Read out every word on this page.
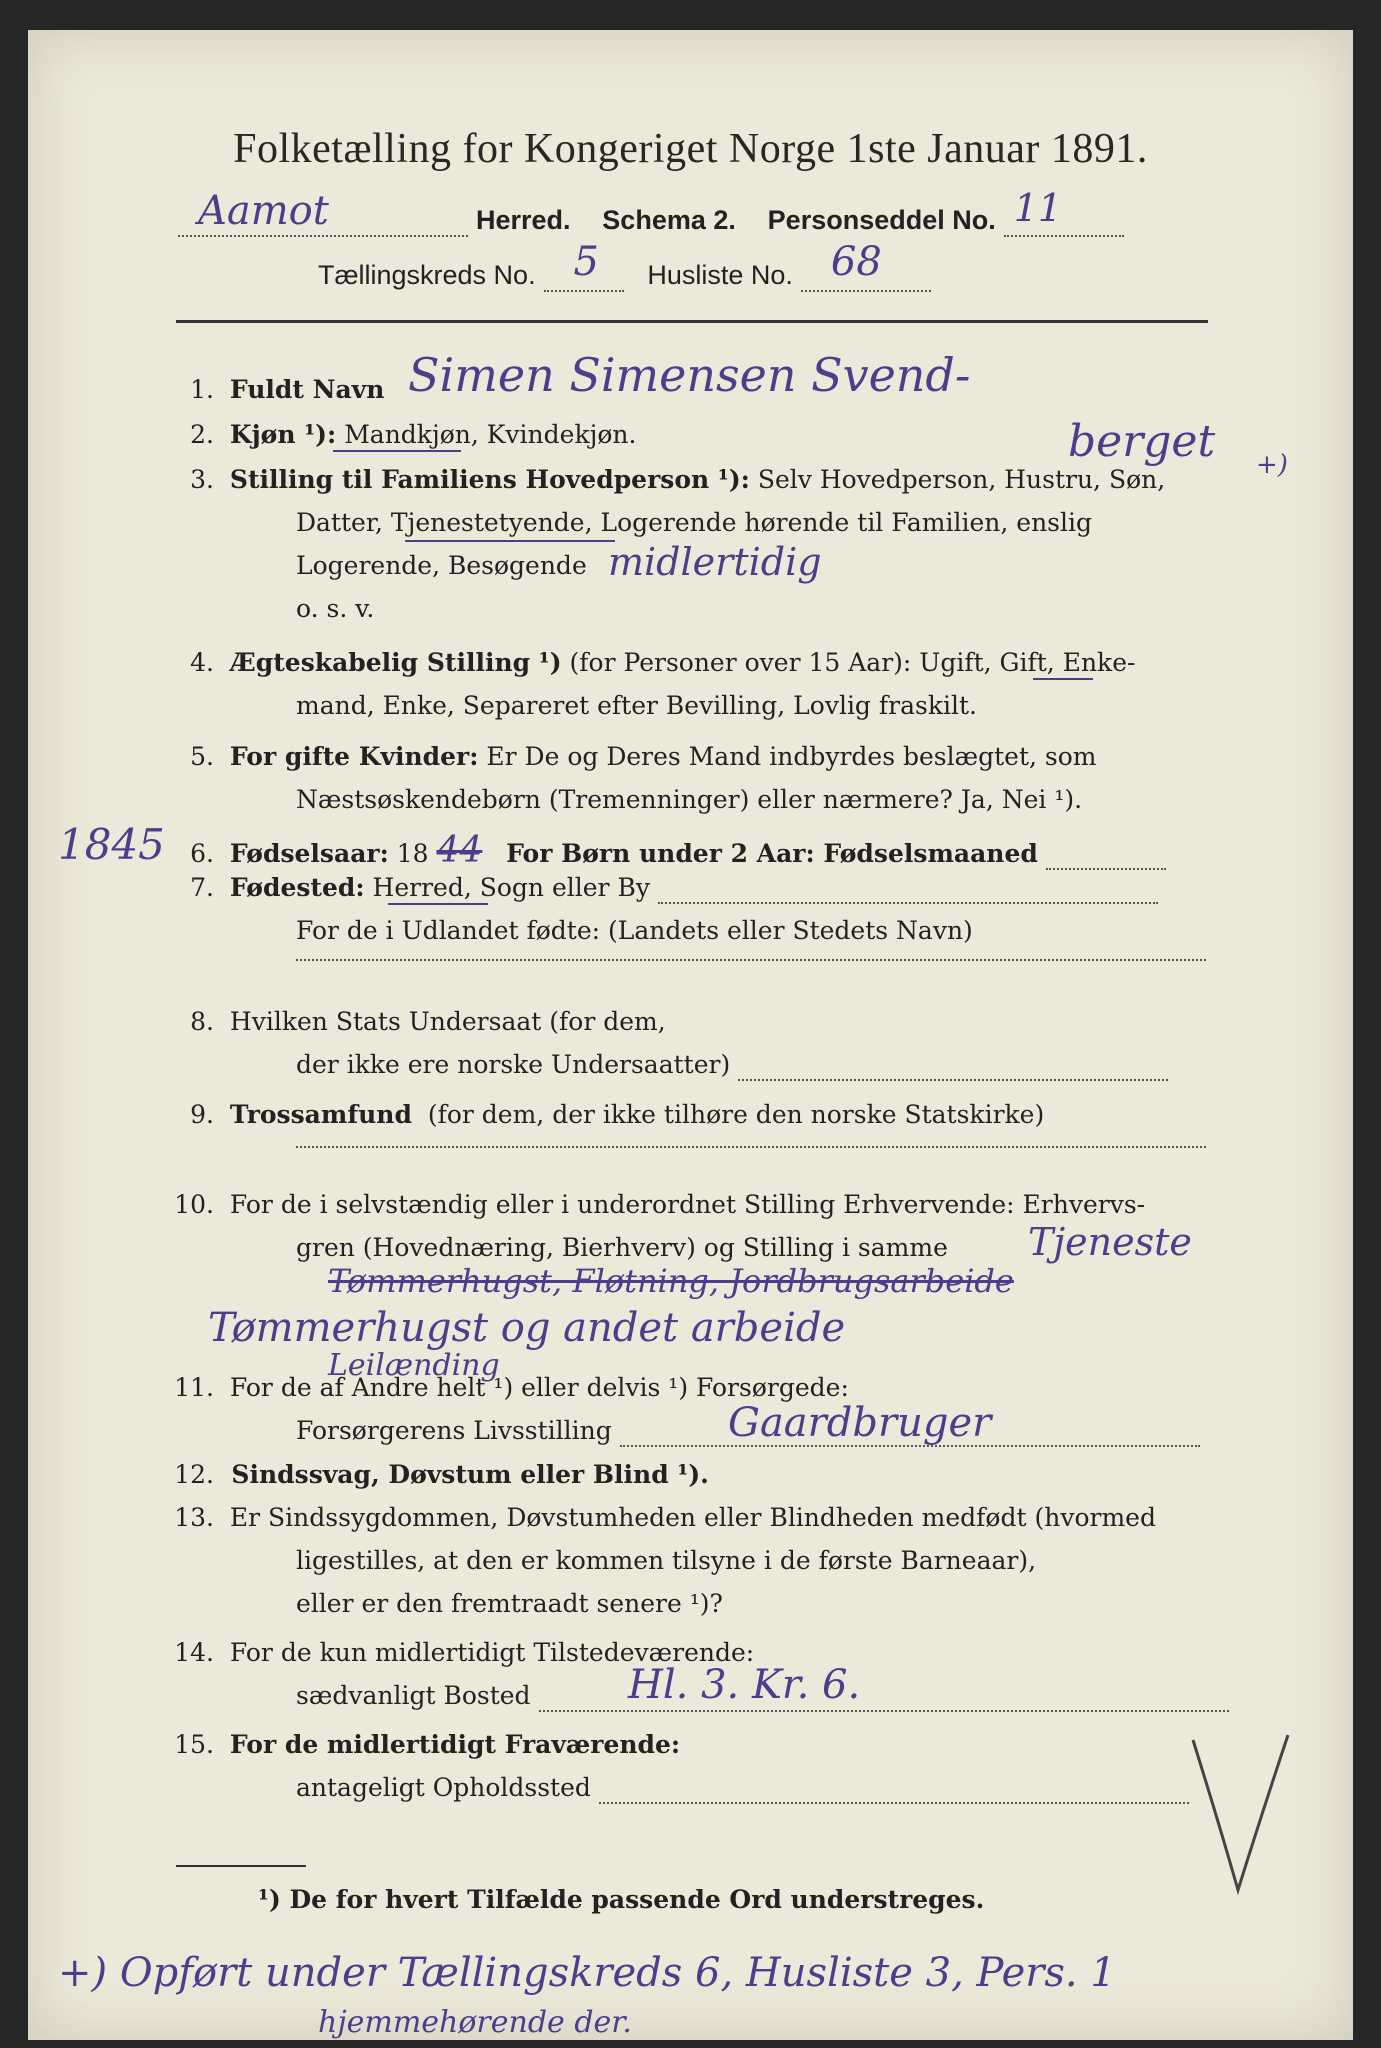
Folketælling for Kongeriget Norge 1ste Januar 1891.
Aamot	Herred. Schema 2. Personseddel No. 11

Tællingskreds No. 5 Husliste No. 68

1. Fuldt Navn Simen Simensen Svend-
berget +)
2. Kjøn ¹): Mandkjøn, Kvindekjøn.
3. Stilling til Familiens Hovedperson ¹): Selv Hovedperson, Hustru, Søn,
Datter, Tjenestetyende, Logerende hørende til Familien, enslig
Logerende, Besøgende midlertidig
o. s. v.
4. Ægteskabelig Stilling ¹) (for Personer over 15 Aar): Ugift, Gift, Enke-
mand, Enke, Separeret efter Bevilling, Lovlig fraskilt.
5. For gifte Kvinder: Er De og Deres Mand indbyrdes beslægtet, som
Næstsøskendebørn (Tremenninger) eller nærmere? Ja, Nei ¹).
1845	6. Fødselsaar: 18 44 For Børn under 2 Aar: Fødselsmaaned
7. Fødested: Herred, Sogn eller By
For de i Udlandet fødte: (Landets eller Stedets Navn)
8. Hvilken Stats Undersaat (for dem,
der ikke ere norske Undersaatter)
9. Trossamfund (for dem, der ikke tilhøre den norske Statskirke)
10. For de i selvstændig eller i underordnet Stilling Erhvervende: Erhvervs-
gren (Hovednæring, Bierhverv) og Stilling i samme Tjeneste
Tømmerhugst, Fløtning, Jordbrugsarbeide
Tømmerhugst og andet arbeide
Leilænding
11. For de af Andre helt ¹) eller delvis ¹) Forsørgede:
Forsørgerens Livsstilling	Gaardbruger
12. Sindssvag, Døvstum eller Blind ¹).
13. Er Sindssygdommen, Døvstumheden eller Blindheden medfødt (hvormed
ligestilles, at den er kommen tilsyne i de første Barneaar),
eller er den fremtraadt senere ¹)?
14. For de kun midlertidigt Tilstedeværende:
sædvanligt Bosted	Hl. 3. Kr. 6.
15. For de midlertidigt Fraværende:
antageligt Opholdssted
¹) De for hvert Tilfælde passende Ord understreges.
+) Opført under Tællingskreds 6, Husliste 3, Pers. 1
hjemmehørende der.
